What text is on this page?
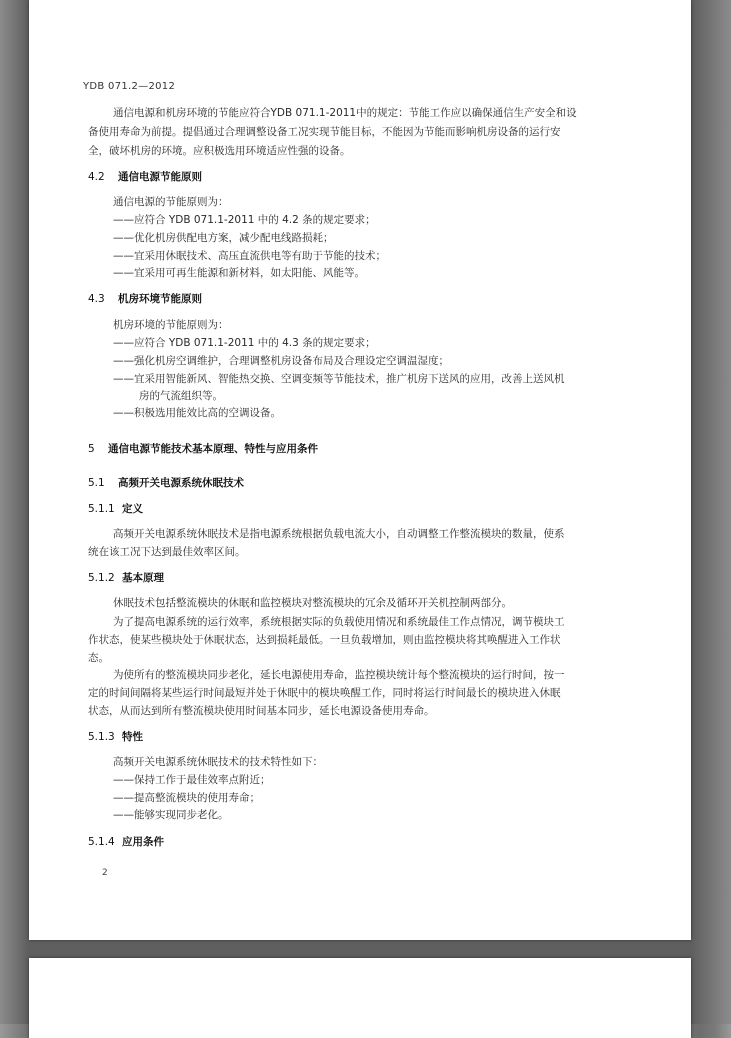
YDB 071.2—2012
通信电源和机房环境的节能应符合YDB 071.1-2011中的规定：节能工作应以确保通信生产安全和设
备使用寿命为前提。提倡通过合理调整设备工况实现节能目标，不能因为节能而影响机房设备的运行安
全，破坏机房的环境。应积极选用环境适应性强的设备。
4.2 通信电源节能原则
通信电源的节能原则为：
——应符合 YDB 071.1-2011 中的 4.2 条的规定要求；
——优化机房供配电方案，减少配电线路损耗；
——宜采用休眠技术、高压直流供电等有助于节能的技术；
——宜采用可再生能源和新材料，如太阳能、风能等。
4.3 机房环境节能原则
机房环境的节能原则为：
——应符合 YDB 071.1-2011 中的 4.3 条的规定要求；
——强化机房空调维护，合理调整机房设备布局及合理设定空调温湿度；
——宜采用智能新风、智能热交换、空调变频等节能技术，推广机房下送风的应用，改善上送风机
房的气流组织等。
——积极选用能效比高的空调设备。
5 通信电源节能技术基本原理、特性与应用条件
5.1 高频开关电源系统休眠技术
5.1.1 定义
高频开关电源系统休眠技术是指电源系统根据负载电流大小，自动调整工作整流模块的数量，使系
统在该工况下达到最佳效率区间。
5.1.2 基本原理
休眠技术包括整流模块的休眠和监控模块对整流模块的冗余及循环开关机控制两部分。
为了提高电源系统的运行效率，系统根据实际的负载使用情况和系统最佳工作点情况，调节模块工
作状态，使某些模块处于休眠状态，达到损耗最低。一旦负载增加，则由监控模块将其唤醒进入工作状
态。
为使所有的整流模块同步老化，延长电源使用寿命，监控模块统计每个整流模块的运行时间，按一
定的时间间隔将某些运行时间最短并处于休眠中的模块唤醒工作，同时将运行时间最长的模块进入休眠
状态，从而达到所有整流模块使用时间基本同步，延长电源设备使用寿命。
5.1.3 特性
高频开关电源系统休眠技术的技术特性如下：
——保持工作于最佳效率点附近；
——提高整流模块的使用寿命；
——能够实现同步老化。
5.1.4 应用条件
2
